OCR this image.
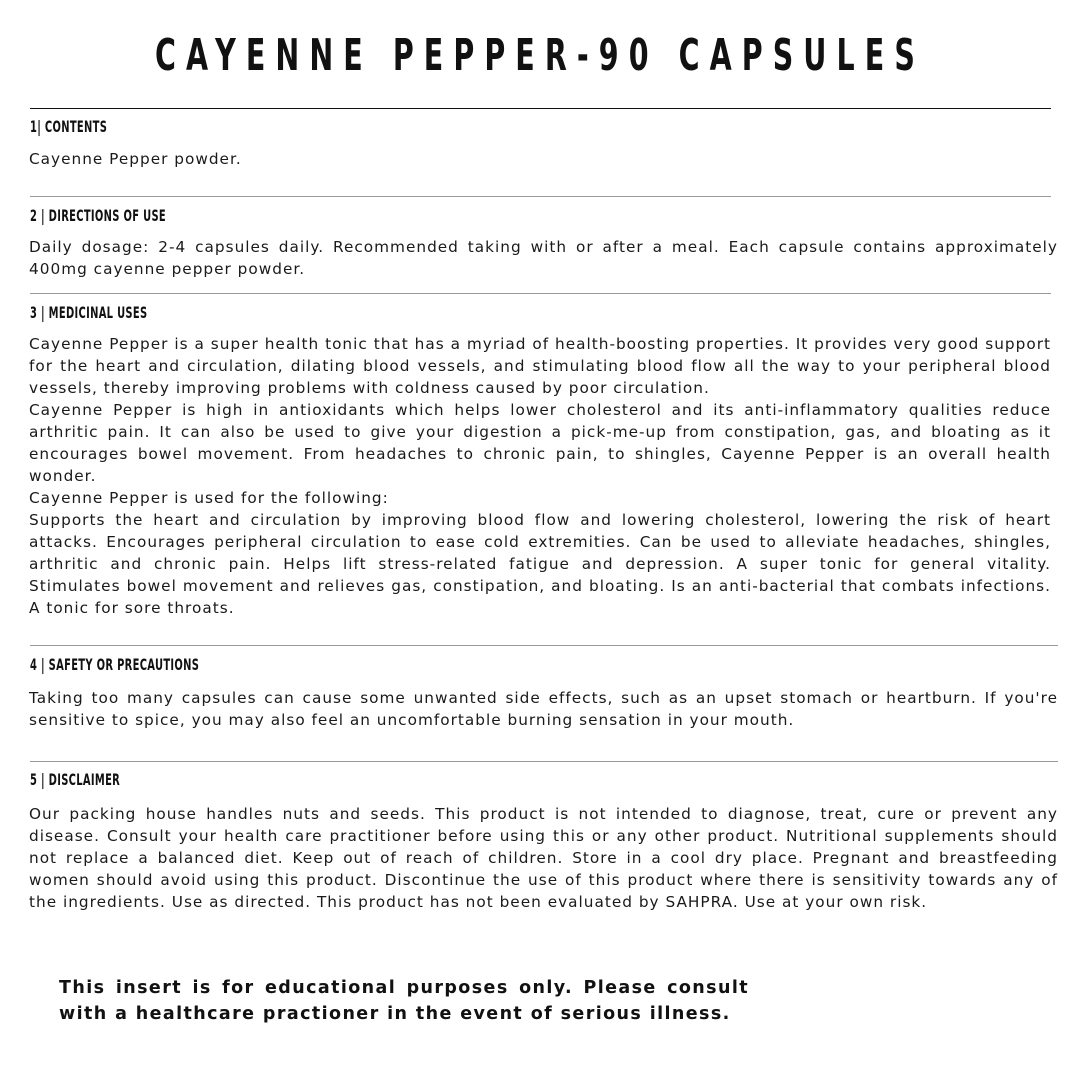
CAYENNE PEPPER-90 CAPSULES
1| CONTENTS

Cayenne Pepper powder.

2 | DIRECTIONS OF USE

Daily dosage: 2-4 capsules daily. Recommended taking with or after a meal. Each capsule contains approximately 400mg cayenne pepper powder.

3 | MEDICINAL USES

Cayenne Pepper is a super health tonic that has a myriad of health-boosting properties. It provides very good support for the heart and circulation, dilating blood vessels, and stimulating blood flow all the way to your peripheral blood vessels, thereby improving problems with coldness caused by poor circulation.

Cayenne Pepper is high in antioxidants which helps lower cholesterol and its anti-inflammatory qualities reduce arthritic pain. It can also be used to give your digestion a pick-me-up from constipation, gas, and bloating as it encourages bowel movement. From headaches to chronic pain, to shingles, Cayenne Pepper is an overall health wonder.

Cayenne Pepper is used for the following:

Supports the heart and circulation by improving blood flow and lowering cholesterol, lowering the risk of heart attacks. Encourages peripheral circulation to ease cold extremities. Can be used to alleviate headaches, shingles, arthritic and chronic pain. Helps lift stress-related fatigue and depression. A super tonic for general vitality. Stimulates bowel movement and relieves gas, constipation, and bloating. Is an anti-bacterial that combats infections. A tonic for sore throats.

4 | SAFETY OR PRECAUTIONS

Taking too many capsules can cause some unwanted side effects, such as an upset stomach or heartburn. If you're sensitive to spice, you may also feel an uncomfortable burning sensation in your mouth.

5 | DISCLAIMER

Our packing house handles nuts and seeds. This product is not intended to diagnose, treat, cure or prevent any disease. Consult your health care practitioner before using this or any other product. Nutritional supplements should not replace a balanced diet. Keep out of reach of children. Store in a cool dry place. Pregnant and breastfeeding women should avoid using this product. Discontinue the use of this product where there is sensitivity towards any of the ingredients. Use as directed. This product has not been evaluated by SAHPRA. Use at your own risk.

This insert is for educational purposes only. Please consult with a healthcare practioner in the event of serious illness.
